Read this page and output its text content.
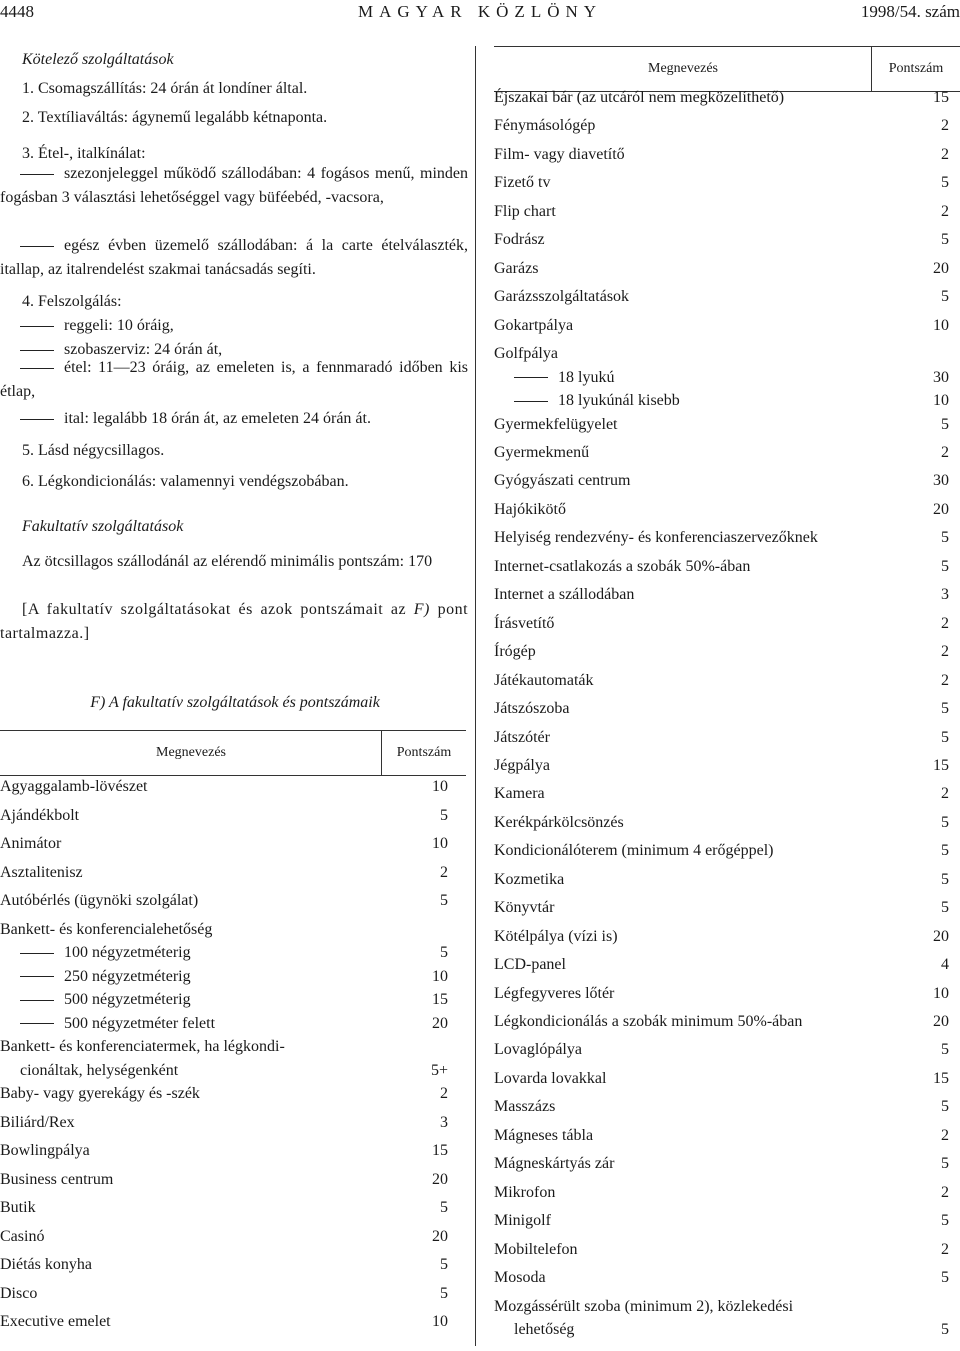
4448	MAGYAR KÖZLÖNY	1998/54. szám
Kötelező szolgáltatások
1. Csomagszállítás: 24 órán át londíner által.
2. Textíliaváltás: ágynemű legalább kétnaponta.
3. Étel-, italkínálat:
szezonjeleggel működő szállodában: 4 fogásos menű, minden fogásban 3 választási lehetőséggel vagy büféebéd, -vacsora,
egész évben üzemelő szállodában: á la carte ételválaszték, itallap, az italrendelést szakmai tanácsadás segíti.
4. Felszolgálás:
reggeli: 10 óráig,
szobaszerviz: 24 órán át,
étel: 11—23 óráig, az emeleten is, a fennmaradó időben kis étlap,
ital: legalább 18 órán át, az emeleten 24 órán át.
5. Lásd négycsillagos.
6. Légkondicionálás: valamennyi vendégszobában.
Fakultatív szolgáltatások
Az ötcsillagos szállodánál az elérendő minimális pontszám: 170
[A fakultatív szolgáltatásokat és azok pontszámait az F) pont tartalmazza.]
F) A fakultatív szolgáltatások és pontszámaik
Megnevezés	Pontszám
Agyaggalamb-lövészet	10
Ajándékbolt	5
Animátor	10
Asztalitenisz	2
Autóbérlés (ügynöki szolgálat)	5
Bankett- és konferencialehetőség
100 négyzetméterig	5
250 négyzetméterig	10
500 négyzetméterig	15
500 négyzetméter felett	20
Bankett- és konferenciatermek, ha légkondi-
cionáltak, helységenként	+5
Baby- vagy gyerekágy és -szék	2
Biliárd/Rex	3
Bowlingpálya	15
Business centrum	20
Butik	5
Casinó	20
Diétás konyha	5
Disco	5
Executive emelet	10
Megnevezés	Pontszám
Éjszakai bár (az utcáról nem megközelíthető)	15
Fénymásológép	2
Film- vagy diavetítő	2
Fizető tv	5
Flip chart	2
Fodrász	5
Garázs	20
Garázsszolgáltatások	5
Gokartpálya	10
Golfpálya
18 lyukú	30
18 lyukúnál kisebb	10
Gyermekfelügyelet	5
Gyermekmenű	2
Gyógyászati centrum	30
Hajókikötő	20
Helyiség rendezvény- és konferenciaszervezőknek	5
Internet-csatlakozás a szobák 50%-ában	5
Internet a szállodában	3
Írásvetítő	2
Írógép	2
Játékautomaták	2
Játszószoba	5
Játszótér	5
Jégpálya	15
Kamera	2
Kerékpárkölcsönzés	5
Kondicionálóterem (minimum 4 erőgéppel)	5
Kozmetika	5
Könyvtár	5
Kötélpálya (vízi is)	20
LCD-panel	4
Légfegyveres lőtér	10
Légkondicionálás a szobák minimum 50%-ában	20
Lovaglópálya	5
Lovarda lovakkal	15
Masszázs	5
Mágneses tábla	2
Mágneskártyás zár	5
Mikrofon	2
Minigolf	5
Mobiltelefon	2
Mosoda	5
Mozgássérült szoba (minimum 2), közlekedési
lehetőség	5
